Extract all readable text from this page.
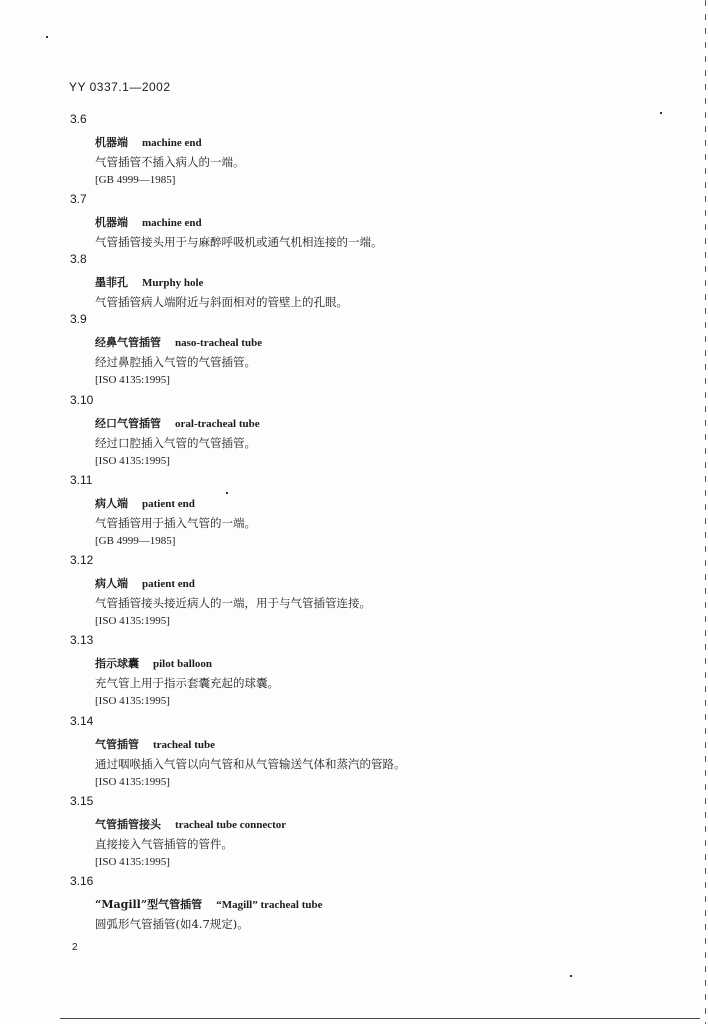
YY 0337.1—2002
3.6
机器端 machine end
气管插管不插入病人的一端。
[GB 4999—1985]
3.7
机器端 machine end
气管插管接头用于与麻醉呼吸机或通气机相连接的一端。
3.8
墨菲孔 Murphy hole
气管插管病人端附近与斜面相对的管壁上的孔眼。
3.9
经鼻气管插管 naso-tracheal tube
经过鼻腔插入气管的气管插管。
[ISO 4135:1995]
3.10
经口气管插管 oral-tracheal tube
经过口腔插入气管的气管插管。
[ISO 4135:1995]
3.11
病人端 patient end
气管插管用于插入气管的一端。
[GB 4999—1985]
3.12
病人端 patient end
气管插管接头接近病人的一端，用于与气管插管连接。
[ISO 4135:1995]
3.13
指示球囊 pilot balloon
充气管上用于指示套囊充起的球囊。
[ISO 4135:1995]
3.14
气管插管 tracheal tube
通过咽喉插入气管以向气管和从气管输送气体和蒸汽的管路。
[ISO 4135:1995]
3.15
气管插管接头 tracheal tube connector
直接接入气管插管的管件。
[ISO 4135:1995]
3.16
“Magill”型气管插管 “Magill” tracheal tube
圆弧形气管插管(如4.7规定)。
2
